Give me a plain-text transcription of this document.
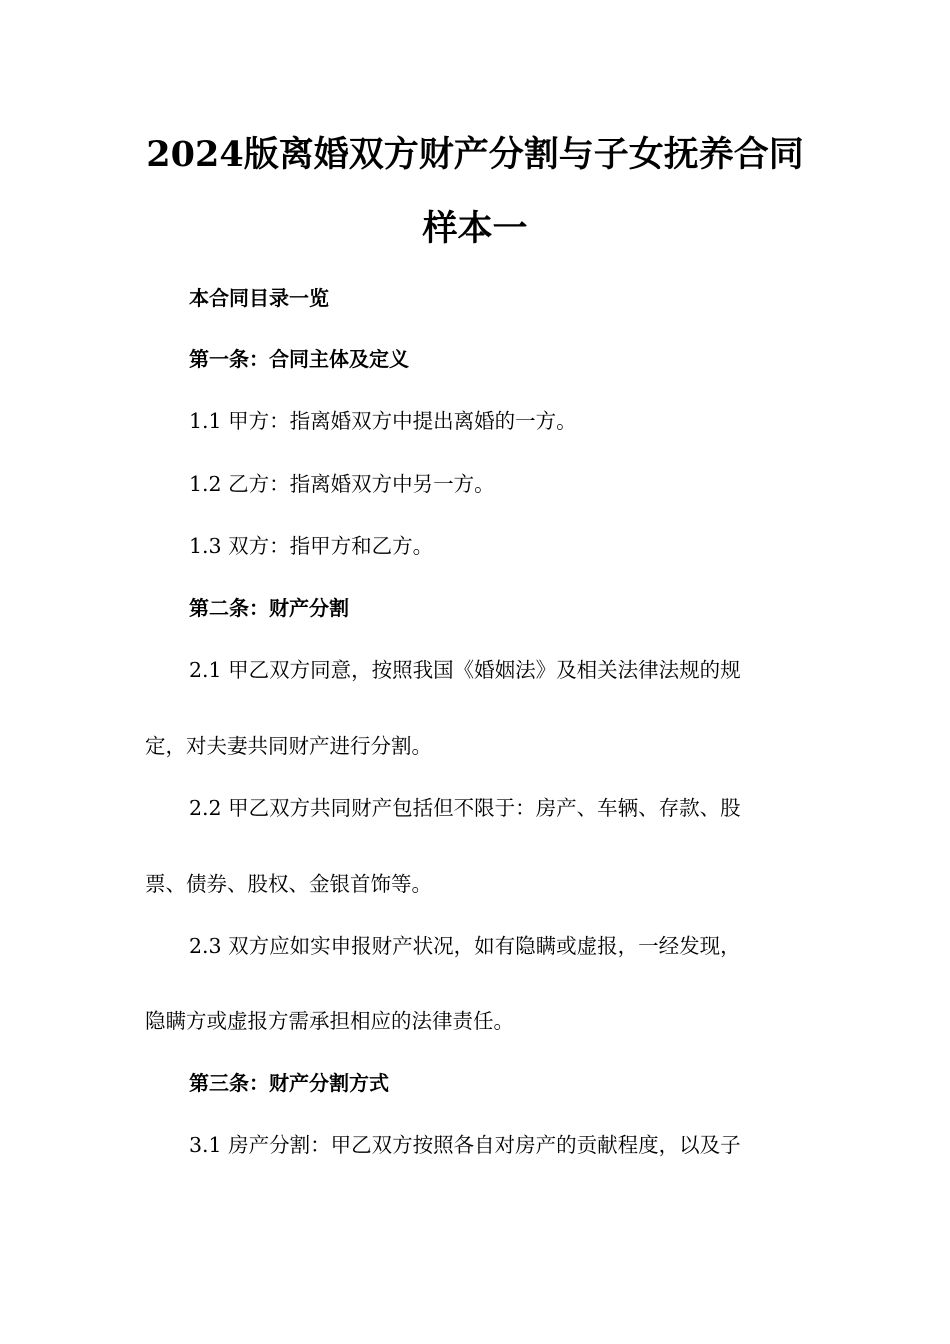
2024版离婚双方财产分割与子女抚养合同
样本一
本合同目录一览
第一条：合同主体及定义
1.1 甲方：指离婚双方中提出离婚的一方。
1.2 乙方：指离婚双方中另一方。
1.3 双方：指甲方和乙方。
第二条：财产分割
2.1 甲乙双方同意，按照我国《婚姻法》及相关法律法规的规
定，对夫妻共同财产进行分割。
2.2 甲乙双方共同财产包括但不限于：房产、车辆、存款、股
票、债券、股权、金银首饰等。
2.3 双方应如实申报财产状况，如有隐瞒或虚报，一经发现，
隐瞒方或虚报方需承担相应的法律责任。
第三条：财产分割方式
3.1 房产分割：甲乙双方按照各自对房产的贡献程度，以及子
